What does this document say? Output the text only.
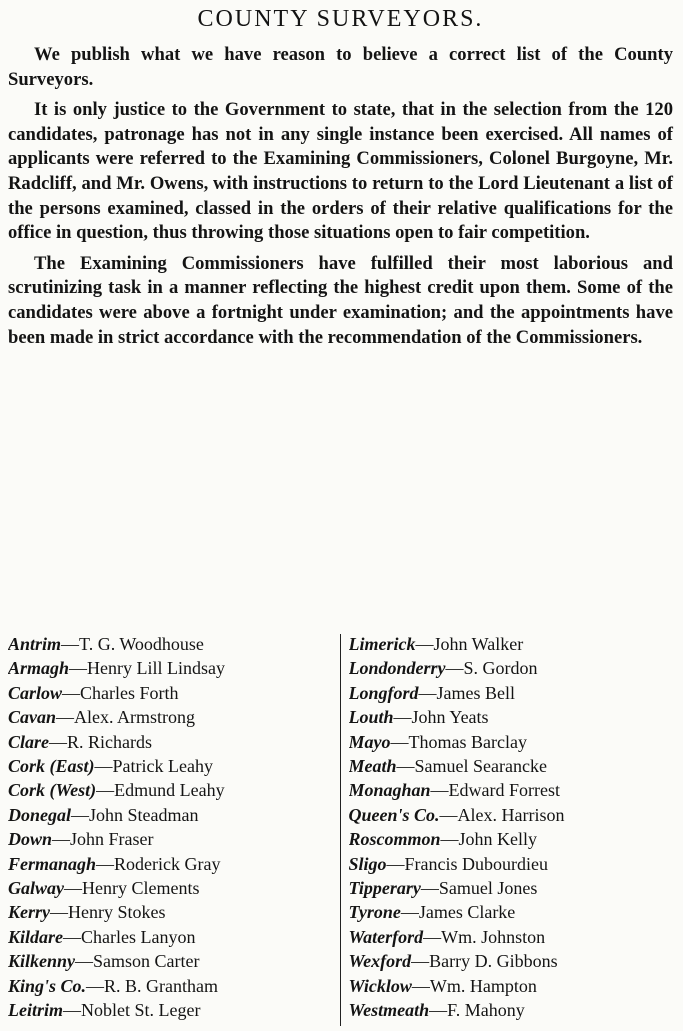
COUNTY SURVEYORS.

We publish what we have reason to believe a correct list of the County Surveyors.

It is only justice to the Government to state, that in the selection from the 120 candidates, patronage has not in any single instance been exercised. All names of applicants were referred to the Examining Commissioners, Colonel Burgoyne, Mr. Radcliff, and Mr. Owens, with instructions to return to the Lord Lieutenant a list of the persons examined, classed in the orders of their relative qualifications for the office in question, thus throwing those situations open to fair competition.

The Examining Commissioners have fulfilled their most laborious and scrutinizing task in a manner reflecting the highest credit upon them. Some of the candidates were above a fortnight under examination; and the appointments have been made in strict accordance with the recommendation of the Commissioners.

Antrim—T. G. Woodhouse
Armagh—Henry Lill Lindsay
Carlow—Charles Forth
Cavan—Alex. Armstrong
Clare—R. Richards
Cork (East)—Patrick Leahy
Cork (West)—Edmund Leahy
Donegal—John Steadman
Down—John Fraser
Fermanagh—Roderick Gray
Galway—Henry Clements
Kerry—Henry Stokes
Kildare—Charles Lanyon
Kilkenny—Samson Carter
King's Co.—R. B. Grantham
Leitrim—Noblet St. Leger
Limerick—John Walker
Londonderry—S. Gordon
Longford—James Bell
Louth—John Yeats
Mayo—Thomas Barclay
Meath—Samuel Searancke
Monaghan—Edward Forrest
Queen's Co.—Alex. Harrison
Roscommon—John Kelly
Sligo—Francis Dubourdieu
Tipperary—Samuel Jones
Tyrone—James Clarke
Waterford—Wm. Johnston
Wexford—Barry D. Gibbons
Wicklow—Wm. Hampton
Westmeath—F. Mahony
